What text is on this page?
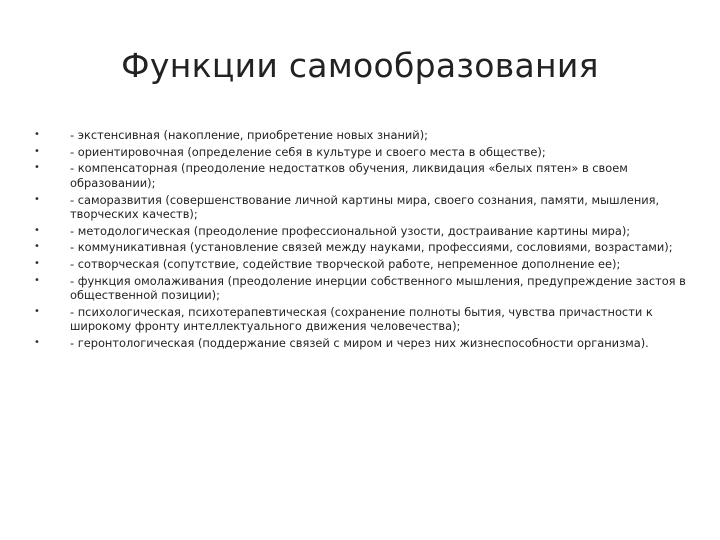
Функции самообразования
•	- экстенсивная (накопление, приобретение новых знаний);
•	- ориентировочная (определение себя в культуре и своего места в обществе);
•	- компенсаторная (преодоление недостатков обучения, ликвидация «белых пятен» в своем образовании);
•	- саморазвития (совершенствование личной картины мира, своего сознания, памяти, мышления, творческих качеств);
•	- методологическая (преодоление профессиональной узости, достраивание картины мира);
•	- коммуникативная (установление связей между науками, профессиями, сословиями, возрастами);
•	- сотворческая (сопутствие, содействие творческой работе, непременное дополнение ее);
•	- функция омолаживания (преодоление инерции собственного мышления, предупреждение застоя в общественной позиции);
•	- психологическая, психотерапевтическая (сохранение полноты бытия, чувства причастности к широкому фронту интеллектуального движения человечества);
•	- геронтологическая (поддержание связей с миром и через них жизнеспособности организма).
